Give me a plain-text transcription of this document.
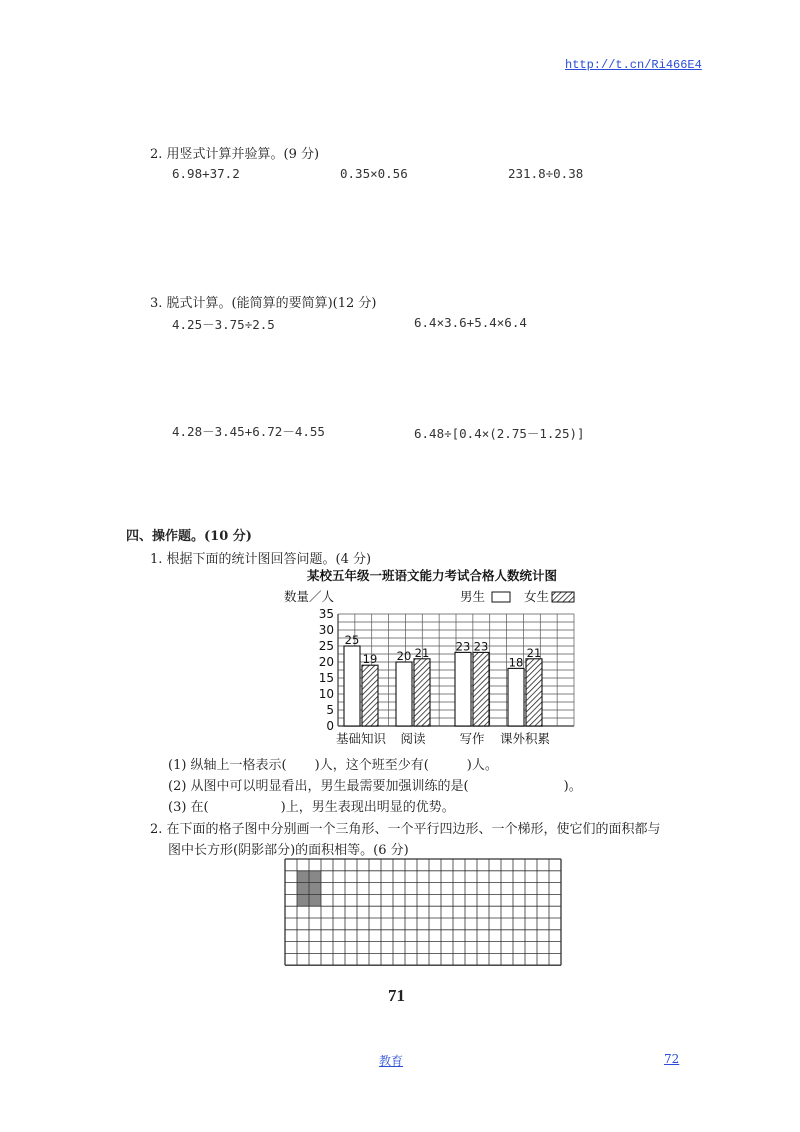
http://t.cn/Ri466E4
2. 用竖式计算并验算。(9 分)
6.98+37.2	0.35×0.56	231.8÷0.38
3. 脱式计算。(能简算的要简算)(12 分)
4.25－3.75÷2.5	6.4×3.6+5.4×6.4
4.28－3.45+6.72－4.55	6.48÷[0.4×(2.75－1.25)]
四、操作题。(10 分)
1. 根据下面的统计图回答问题。(4 分)
某校五年级一班语文能力考试合格人数统计图
数量／人	男生	女生
0
5
10
15
20
25
30
35
25
19
基础知识
20 21
阅读
23 23
写作
18
21
课外积累
(1) 纵轴上一格表示( )人，这个班至少有(	)人。
(2) 从图中可以明显看出，男生最需要加强训练的是(	)。
(3) 在(	)上，男生表现出明显的优势。
2. 在下面的格子图中分别画一个三角形、一个平行四边形、一个梯形，使它们的面积都与
图中长方形(阴影部分)的面积相等。(6 分)
71
教育	72
